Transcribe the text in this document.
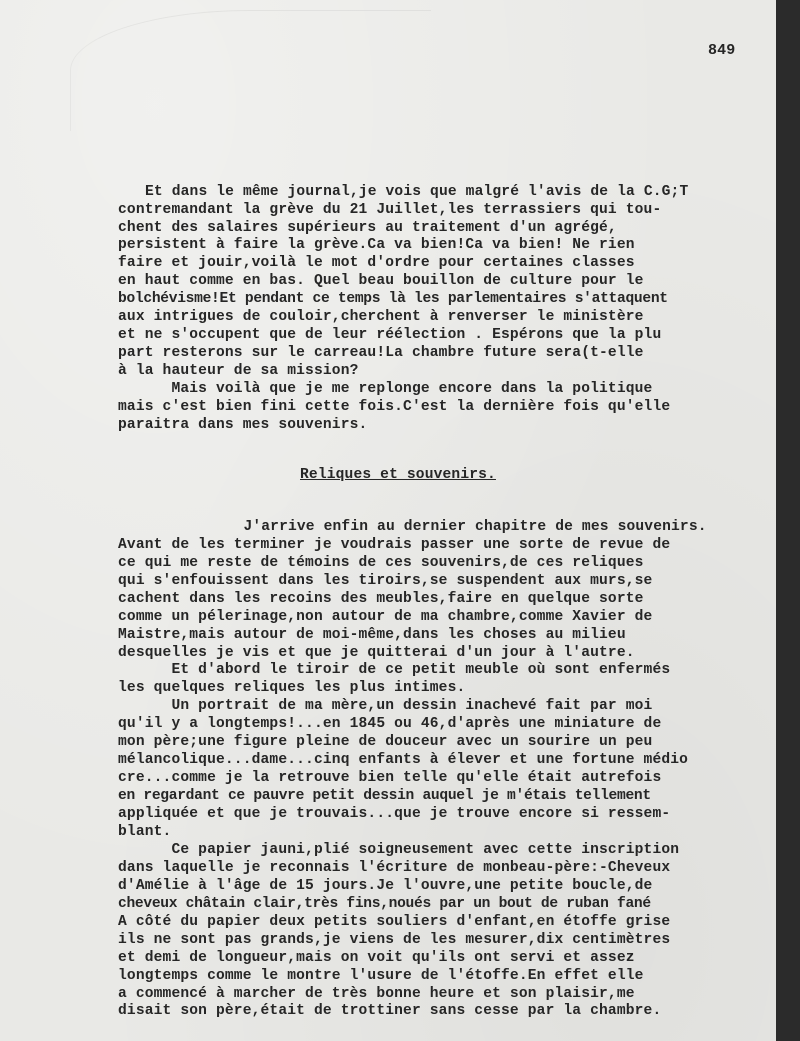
849

Et dans le même journal,je vois que malgré l'avis de la C.G;T

contremandant la grève du 21 Juillet,les terrassiers qui tou-

chent des salaires supérieurs au traitement d'un agrégé,

persistent à faire la grève.Ca va bien!Ca va bien! Ne rien

faire et jouir,voilà le mot d'ordre pour certaines classes

en haut comme en bas. Quel beau bouillon de culture pour le

bolchévisme!Et pendant ce temps là les parlementaires s'attaquent

aux intrigues de couloir,cherchent à renverser le ministère

et ne s'occupent que de leur réélection . Espérons que la plu

part resterons sur le carreau!La chambre future sera(t-elle

à la hauteur de sa mission?

Mais voilà que je me replonge encore dans la politique

mais c'est bien fini cette fois.C'est la dernière fois qu'elle

paraitra dans mes souvenirs.

Reliques et souvenirs.

J'arrive enfin au dernier chapitre de mes souvenirs.

Avant de les terminer je voudrais passer une sorte de revue de

ce qui me reste de témoins de ces souvenirs,de ces reliques

qui s'enfouissent dans les tiroirs,se suspendent aux murs,se

cachent dans les recoins des meubles,faire en quelque sorte

comme un pélerinage,non autour de ma chambre,comme Xavier de

Maistre,mais autour de moi-même,dans les choses au milieu

desquelles je vis et que je quitterai d'un jour à l'autre.

Et d'abord le tiroir de ce petit meuble où sont enfermés

les quelques reliques les plus intimes.

Un portrait de ma mère,un dessin inachevé fait par moi

qu'il y a longtemps!...en 1845 ou 46,d'après une miniature de

mon père;une figure pleine de douceur avec un sourire un peu

mélancolique...dame...cinq enfants à élever et une fortune médio

cre...comme je la retrouve bien telle qu'elle était autrefois

en regardant ce pauvre petit dessin auquel je m'étais tellement

appliquée et que je trouvais...que je trouve encore si ressem-

blant.

Ce papier jauni,plié soigneusement avec cette inscription

dans laquelle je reconnais l'écriture de monbeau-père:-Cheveux

d'Amélie à l'âge de 15 jours.Je l'ouvre,une petite boucle,de

cheveux châtain clair,très fins,noués par un bout de ruban fané

A côté du papier deux petits souliers d'enfant,en étoffe grise

ils ne sont pas grands,je viens de les mesurer,dix centimètres

et demi de longueur,mais on voit qu'ils ont servi et assez

longtemps comme le montre l'usure de l'étoffe.En effet elle

a commencé à marcher de très bonne heure et son plaisir,me

disait son père,était de trottiner sans cesse par la chambre.
